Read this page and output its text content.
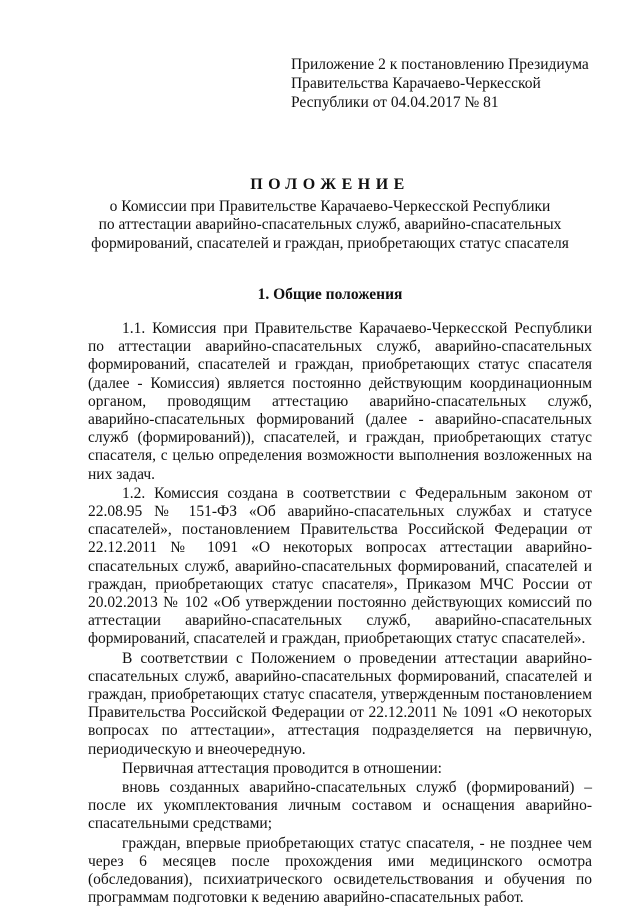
Приложение 2 к постановлению Президиума
Правительства Карачаево-Черкесской
Республики от 04.04.2017 № 81
ПОЛОЖЕНИЕ
о Комиссии при Правительстве Карачаево-Черкесской Республики
по аттестации аварийно-спасательных служб, аварийно-спасательных
формирований, спасателей и граждан, приобретающих статус спасателя
1. Общие положения

1.1. Комиссия при Правительстве Карачаево-Черкесской Республики по аттестации аварийно-спасательных служб, аварийно-спасательных формирований, спасателей и граждан, приобретающих статус спасателя (далее - Комиссия) является постоянно действующим координационным органом, проводящим аттестацию аварийно-спасательных служб, аварийно-спасательных формирований (далее - аварийно-спасательных служб (формирований)), спасателей, и граждан, приобретающих статус спасателя, с целью определения возможности выполнения возложенных на них задач.

1.2. Комиссия создана в соответствии с Федеральным законом от 22.08.95 № 151-ФЗ «Об аварийно-спасательных службах и статусе спасателей», постановлением Правительства Российской Федерации от 22.12.2011 № 1091 «О некоторых вопросах аттестации аварийно-спасательных служб, аварийно-спасательных формирований, спасателей и граждан, приобретающих статус спасателя», Приказом МЧС России от 20.02.2013 № 102 «Об утверждении постоянно действующих комиссий по аттестации аварийно-спасательных служб, аварийно-спасательных формирований, спасателей и граждан, приобретающих статус спасателей».

В соответствии с Положением о проведении аттестации аварийно-спасательных служб, аварийно-спасательных формирований, спасателей и граждан, приобретающих статус спасателя, утвержденным постановлением Правительства Российской Федерации от 22.12.2011 № 1091 «О некоторых вопросах по аттестации», аттестация подразделяется на первичную, периодическую и внеочередную.

Первичная аттестация проводится в отношении:

вновь созданных аварийно-спасательных служб (формирований) – после их укомплектования личным составом и оснащения аварийно-спасательными средствами;

граждан, впервые приобретающих статус спасателя, - не позднее чем через 6 месяцев после прохождения ими медицинского осмотра (обследования), психиатрического освидетельствования и обучения по программам подготовки к ведению аварийно-спасательных работ.
